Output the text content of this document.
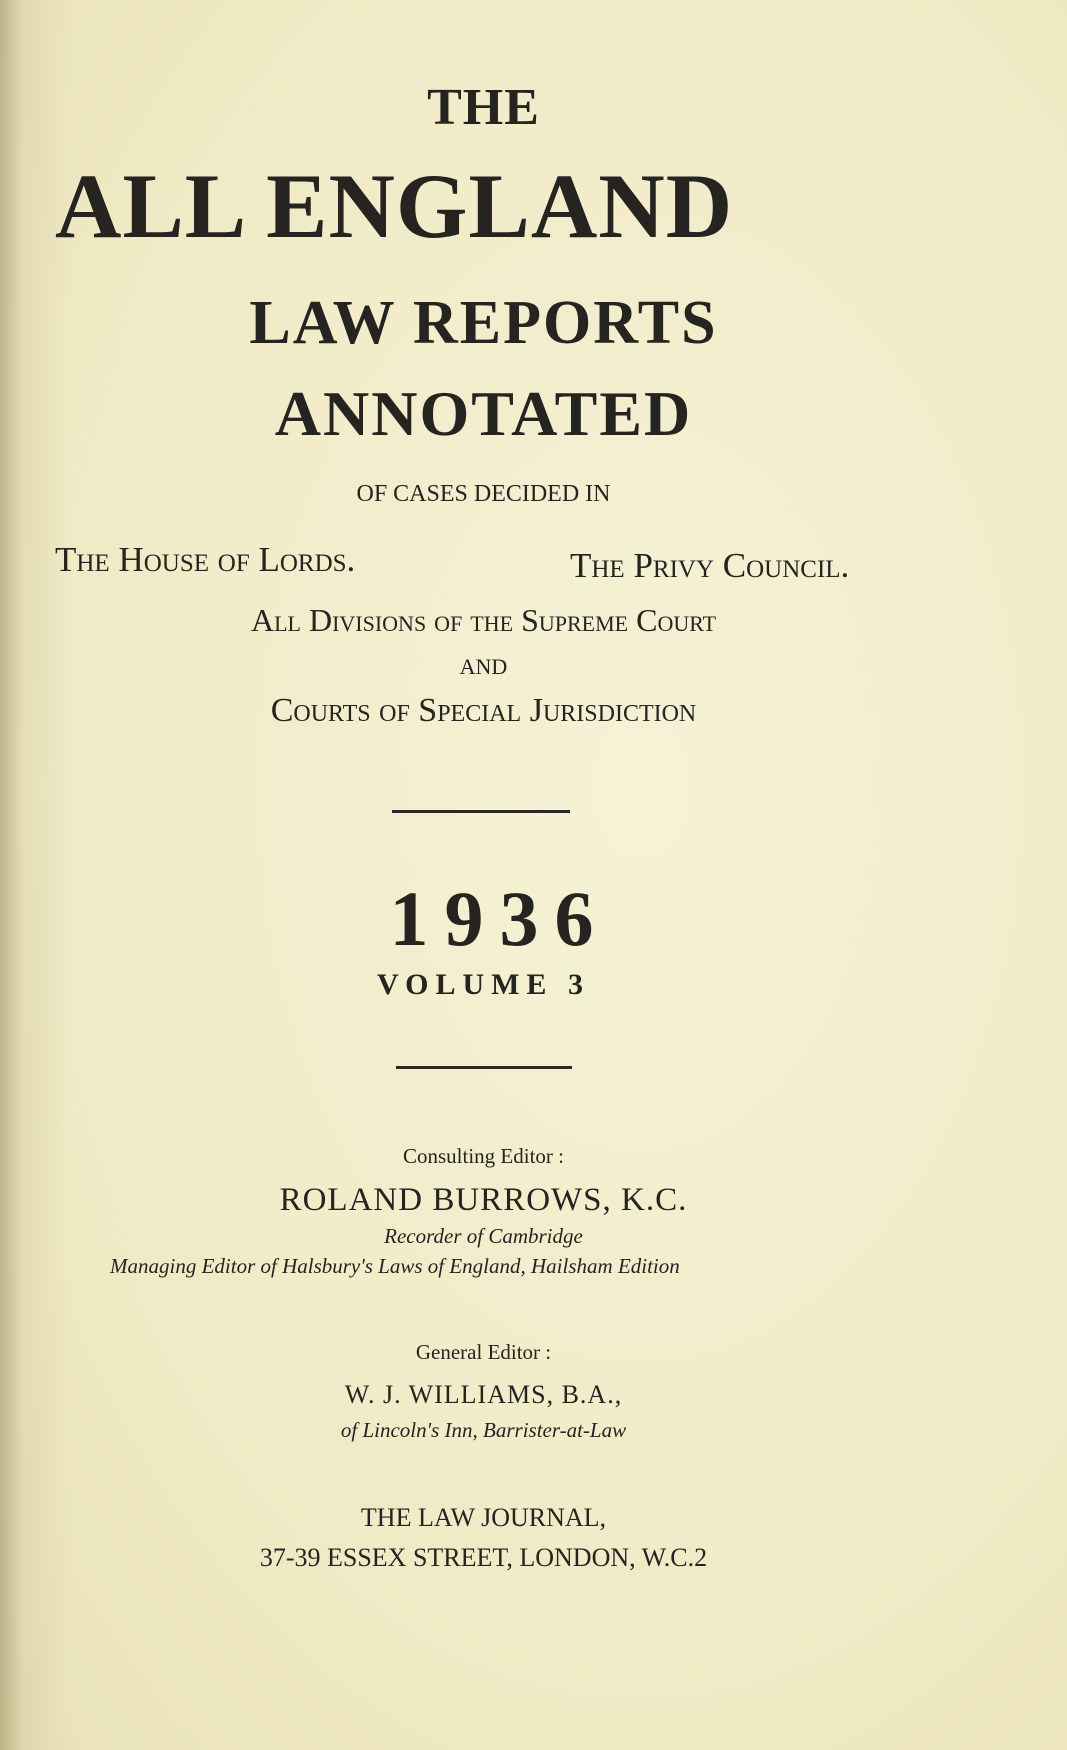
THE
ALL ENGLAND
LAW REPORTS
ANNOTATED
OF CASES DECIDED IN
The House of Lords.	The Privy Council.
All Divisions of the Supreme Court
AND
Courts of Special Jurisdiction
1936
VOLUME 3
Consulting Editor :
ROLAND BURROWS, K.C.
Recorder of Cambridge
Managing Editor of Halsbury's Laws of England, Hailsham Edition
General Editor :
W. J. WILLIAMS, B.A.,
of Lincoln's Inn, Barrister-at-Law
THE LAW JOURNAL,
37-39 ESSEX STREET, LONDON, W.C.2
